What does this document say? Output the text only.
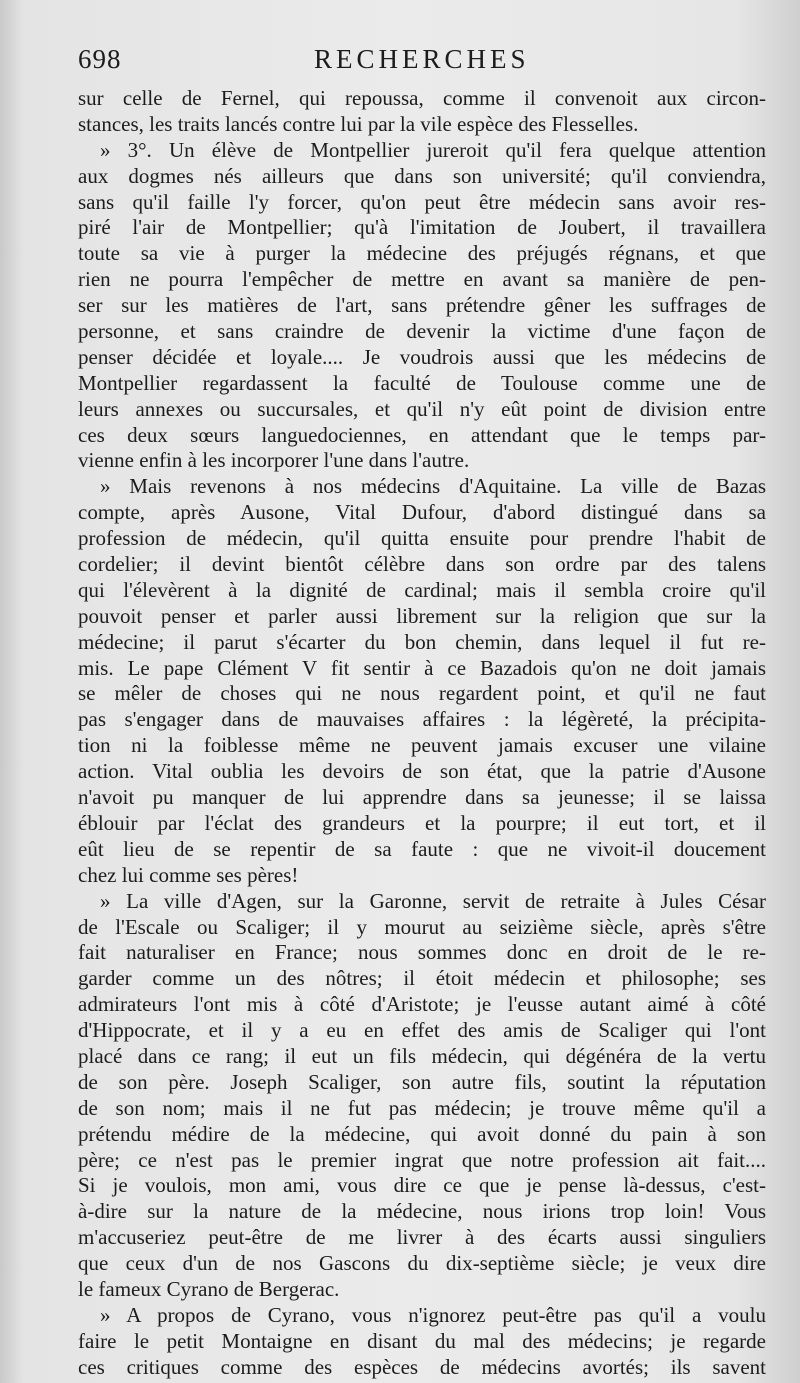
698	RECHERCHES
sur celle de Fernel, qui repoussa, comme il convenoit aux circon-
stances, les traits lancés contre lui par la vile espèce des Flesselles.
» 3°. Un élève de Montpellier jureroit qu'il fera quelque attention
aux dogmes nés ailleurs que dans son université; qu'il conviendra,
sans qu'il faille l'y forcer, qu'on peut être médecin sans avoir res-
piré l'air de Montpellier; qu'à l'imitation de Joubert, il travaillera
toute sa vie à purger la médecine des préjugés régnans, et que
rien ne pourra l'empêcher de mettre en avant sa manière de pen-
ser sur les matières de l'art, sans prétendre gêner les suffrages de
personne, et sans craindre de devenir la victime d'une façon de
penser décidée et loyale.... Je voudrois aussi que les médecins de
Montpellier regardassent la faculté de Toulouse comme une de
leurs annexes ou succursales, et qu'il n'y eût point de division entre
ces deux sœurs languedociennes, en attendant que le temps par-
vienne enfin à les incorporer l'une dans l'autre.
» Mais revenons à nos médecins d'Aquitaine. La ville de Bazas
compte, après Ausone, Vital Dufour, d'abord distingué dans sa
profession de médecin, qu'il quitta ensuite pour prendre l'habit de
cordelier; il devint bientôt célèbre dans son ordre par des talens
qui l'élevèrent à la dignité de cardinal; mais il sembla croire qu'il
pouvoit penser et parler aussi librement sur la religion que sur la
médecine; il parut s'écarter du bon chemin, dans lequel il fut re-
mis. Le pape Clément V fit sentir à ce Bazadois qu'on ne doit jamais
se mêler de choses qui ne nous regardent point, et qu'il ne faut
pas s'engager dans de mauvaises affaires : la légèreté, la précipita-
tion ni la foiblesse même ne peuvent jamais excuser une vilaine
action. Vital oublia les devoirs de son état, que la patrie d'Ausone
n'avoit pu manquer de lui apprendre dans sa jeunesse; il se laissa
éblouir par l'éclat des grandeurs et la pourpre; il eut tort, et il
eût lieu de se repentir de sa faute : que ne vivoit-il doucement
chez lui comme ses pères!
» La ville d'Agen, sur la Garonne, servit de retraite à Jules César
de l'Escale ou Scaliger; il y mourut au seizième siècle, après s'être
fait naturaliser en France; nous sommes donc en droit de le re-
garder comme un des nôtres; il étoit médecin et philosophe; ses
admirateurs l'ont mis à côté d'Aristote; je l'eusse autant aimé à côté
d'Hippocrate, et il y a eu en effet des amis de Scaliger qui l'ont
placé dans ce rang; il eut un fils médecin, qui dégénéra de la vertu
de son père. Joseph Scaliger, son autre fils, soutint la réputation
de son nom; mais il ne fut pas médecin; je trouve même qu'il a
prétendu médire de la médecine, qui avoit donné du pain à son
père; ce n'est pas le premier ingrat que notre profession ait fait....
Si je voulois, mon ami, vous dire ce que je pense là-dessus, c'est-
à-dire sur la nature de la médecine, nous irions trop loin! Vous
m'accuseriez peut-être de me livrer à des écarts aussi singuliers
que ceux d'un de nos Gascons du dix-septième siècle; je veux dire
le fameux Cyrano de Bergerac.
» A propos de Cyrano, vous n'ignorez peut-être pas qu'il a voulu
faire le petit Montaigne en disant du mal des médecins; je regarde
ces critiques comme des espèces de médecins avortés; ils savent
